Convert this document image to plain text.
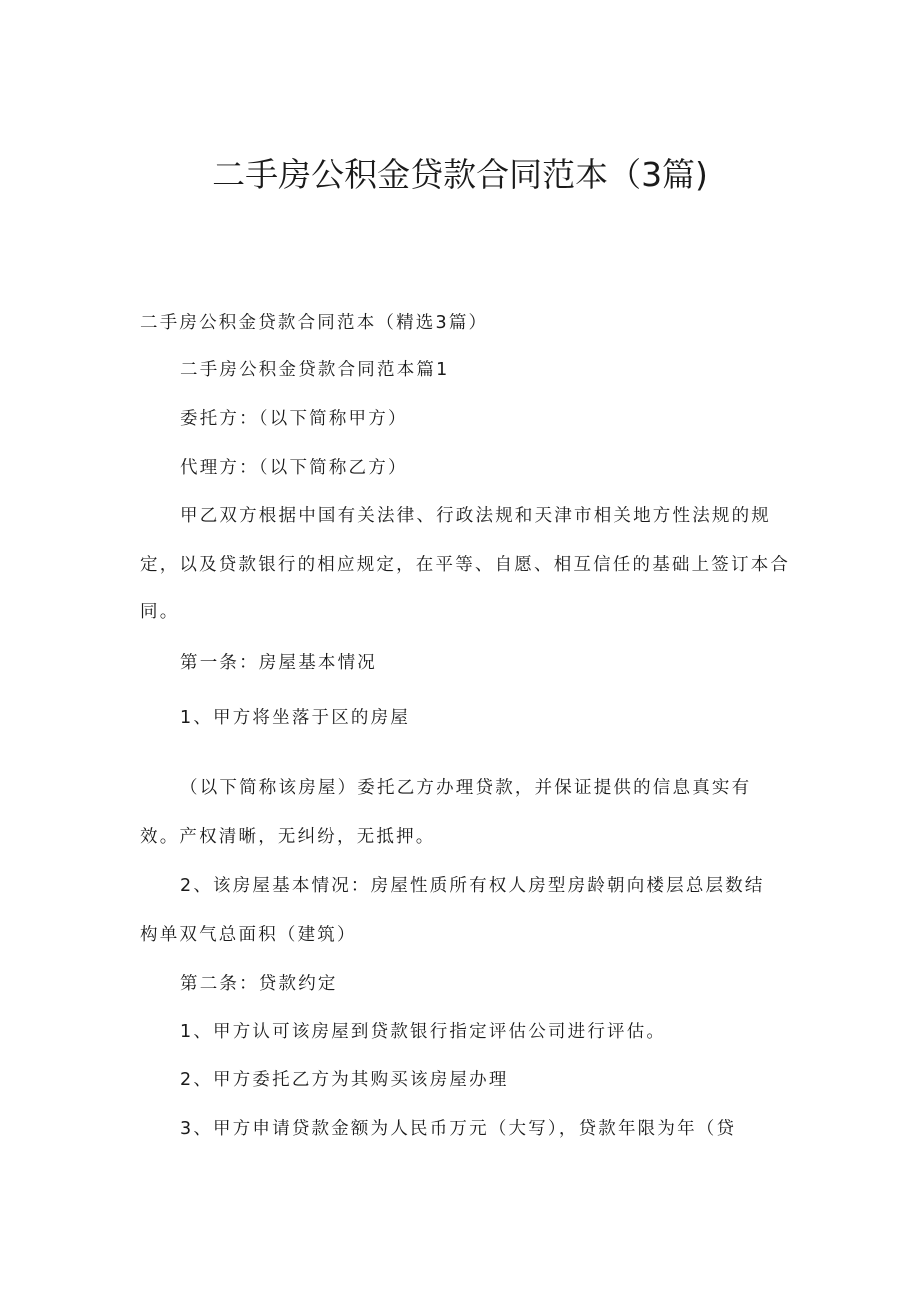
二手房公积金贷款合同范本（3篇)
二手房公积金贷款合同范本（精选3篇）
二手房公积金贷款合同范本篇1
委托方：（以下简称甲方）
代理方：（以下简称乙方）
甲乙双方根据中国有关法律、行政法规和天津市相关地方性法规的规
定，以及贷款银行的相应规定，在平等、自愿、相互信任的基础上签订本合
同。
第一条：房屋基本情况
1、甲方将坐落于区的房屋
（以下简称该房屋）委托乙方办理贷款，并保证提供的信息真实有
效。产权清晰，无纠纷，无抵押。
2、该房屋基本情况：房屋性质所有权人房型房龄朝向楼层总层数结
构单双气总面积（建筑）
第二条：贷款约定
1、甲方认可该房屋到贷款银行指定评估公司进行评估。
2、甲方委托乙方为其购买该房屋办理
3、甲方申请贷款金额为人民币万元（大写），贷款年限为年（贷
